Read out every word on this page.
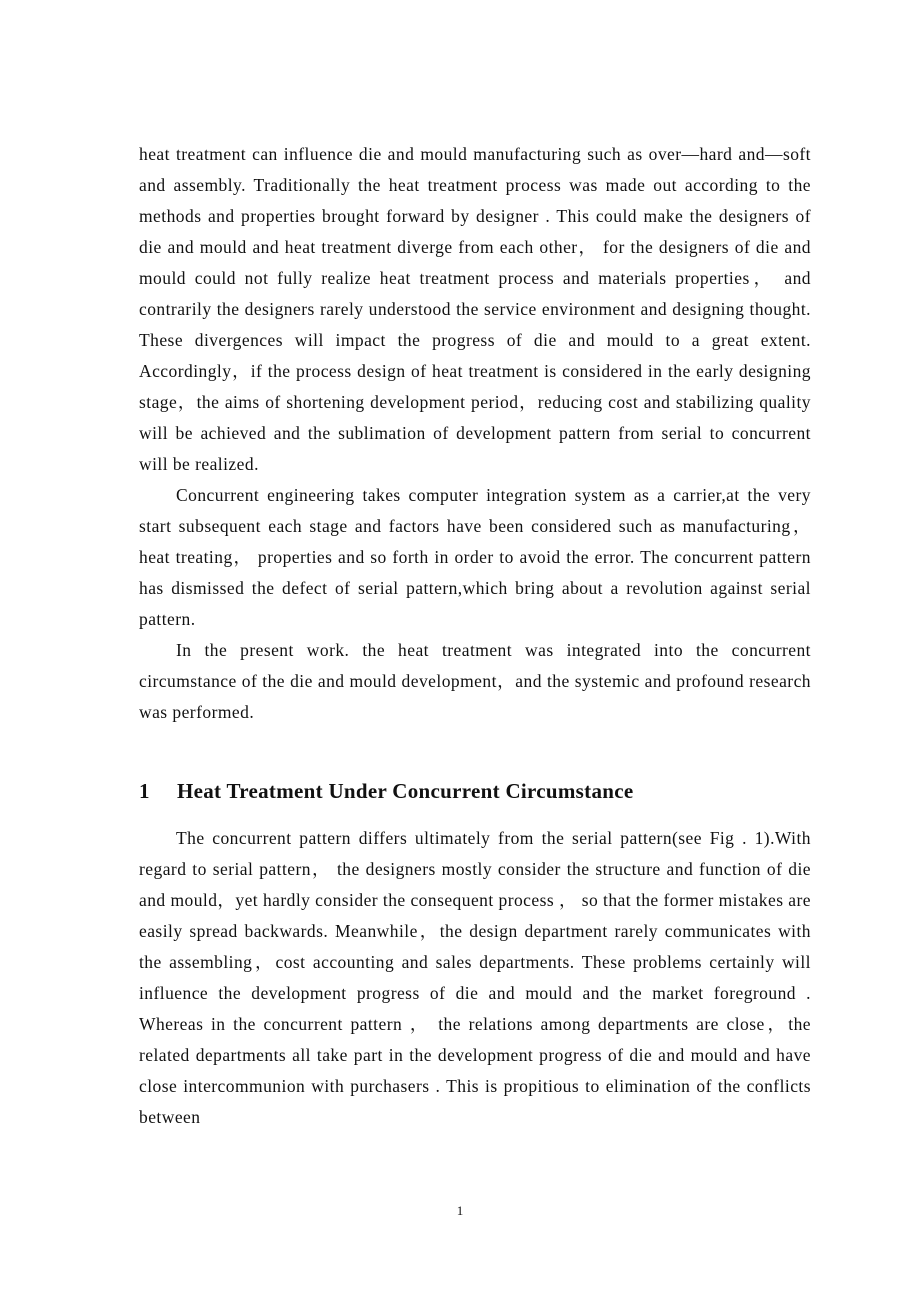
heat treatment can influence die and mould manufacturing such as over—hard and—soft and assembly. Traditionally the heat treatment process was made out according to the methods and properties brought forward by designer . This could make the designers of die and mould and heat treatment diverge from each other， for the designers of die and mould could not fully realize heat treatment process and materials properties， and contrarily the designers rarely understood the service environment and designing thought. These divergences will impact the progress of die and mould to a great extent. Accordingly，if the process design of heat treatment is considered in the early designing stage，the aims of shortening development period，reducing cost and stabilizing quality will be achieved and the sublimation of development pattern from serial to concurrent will be realized.

Concurrent engineering takes computer integration system as a carrier,at the very start subsequent each stage and factors have been considered such as manufacturing， heat treating， properties and so forth in order to avoid the error. The concurrent pattern has dismissed the defect of serial pattern,which bring about a revolution against serial pattern.

In the present work. the heat treatment was integrated into the concurrent circumstance of the die and mould development，and the systemic and profound research was performed.

1 Heat Treatment Under Concurrent Circumstance

The concurrent pattern differs ultimately from the serial pattern(see Fig . 1).With regard to serial pattern， the designers mostly consider the structure and function of die and mould，yet hardly consider the consequent process ， so that the former mistakes are easily spread backwards. Meanwhile，the design department rarely communicates with the assembling，cost accounting and sales departments. These problems certainly will influence the development progress of die and mould and the market foreground . Whereas in the concurrent pattern ， the relations among departments are close，the related departments all take part in the development progress of die and mould and have close intercommunion with purchasers . This is propitious to elimination of the conflicts between

1
